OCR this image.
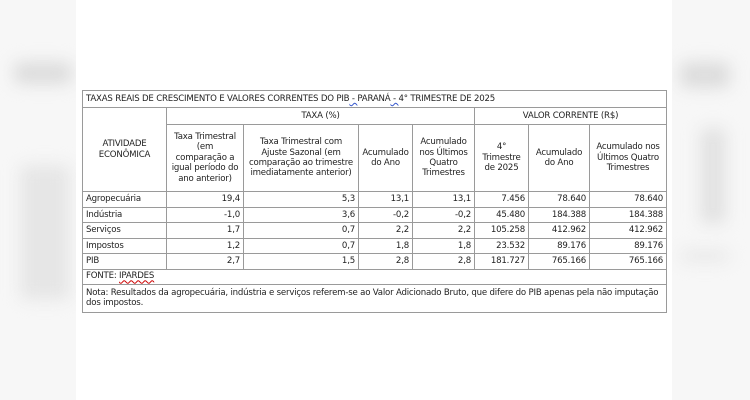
TAXAS REAIS DE CRESCIMENTO E VALORES CORRENTES DO PIB - PARANÁ - 4° TRIMESTRE DE 2025							
ATIVIDADE ECONÔMICA	TAXA (%)				VALOR CORRENTE (R$)		
	Taxa Trimestral (em comparação a igual período do ano anterior)	Taxa Trimestral com Ajuste Sazonal (em comparação ao trimestre imediatamente anterior)	Acumulado do Ano	Acumulado nos Últimos Quatro Trimestres	4° Trimestre de 2025	Acumulado do Ano	Acumulado nos Últimos Quatro Trimestres
Agropecuária	19,4	5,3	13,1	13,1	7.456	78.640	78.640
Indústria	-1,0	3,6	-0,2	-0,2	45.480	184.388	184.388
Serviços	1,7	0,7	2,2	2,2	105.258	412.962	412.962
Impostos	1,2	0,7	1,8	1,8	23.532	89.176	89.176
PIB	2,7	1,5	2,8	2,8	181.727	765.166	765.166
FONTE: IPARDES							
Nota: Resultados da agropecuária, indústria e serviços referem-se ao Valor Adicionado Bruto, que difere do PIB apenas pela não imputação dos impostos.							
